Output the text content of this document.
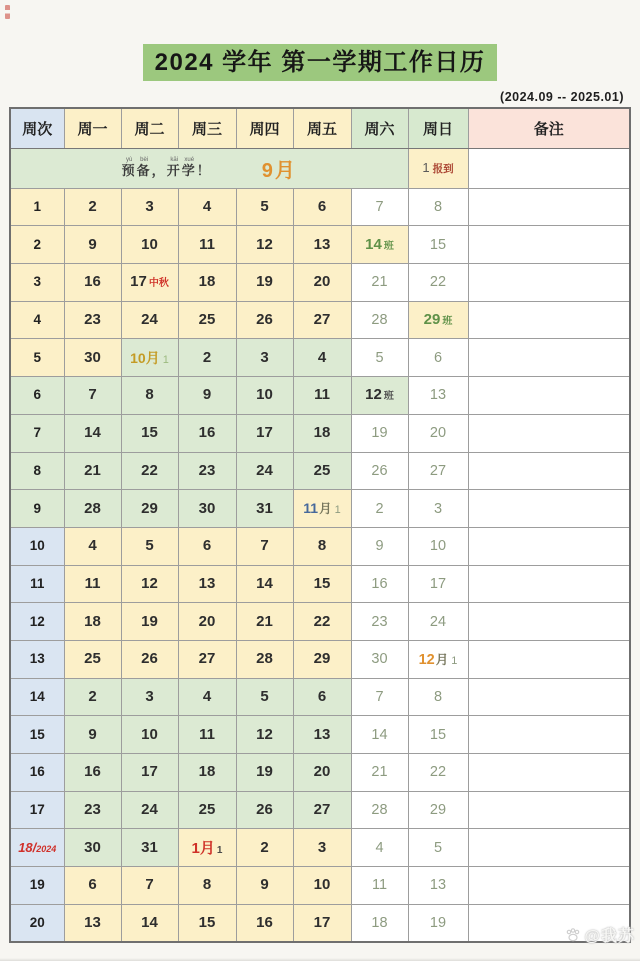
2024 学年 第一学期工作日历
(2024.09 -- 2025.01)
周次	周一	周二	周三	周四	周五	周六	周日	备注

预yù备bèi，开kāi学xué！ 9月							1 报到	
1	2	3	4	5	6	7	8	
2	9	10	11	12	13	14 班	15	
3	16	17 中秋	18	19	20	21	22	
4	23	24	25	26	27	28	29 班	
5	30	10月 1	2	3	4	5	6	
6	7	8	9	10	11	12 班	13	
7	14	15	16	17	18	19	20	
8	21	22	23	24	25	26	27	
9	28	29	30	31	11月 1	2	3	
10	4	5	6	7	8	9	10	
11	11	12	13	14	15	16	17	
12	18	19	20	21	22	23	24	
13	25	26	27	28	29	30	12月 1	
14	2	3	4	5	6	7	8	
15	9	10	11	12	13	14	15	
16	16	17	18	19	20	21	22	
17	23	24	25	26	27	28	29	
18/2024	30	31	1月 1	2	3	4	5	
19	6	7	8	9	10	11	13	
20	13	14	15	16	17	18	19	
@我苏
